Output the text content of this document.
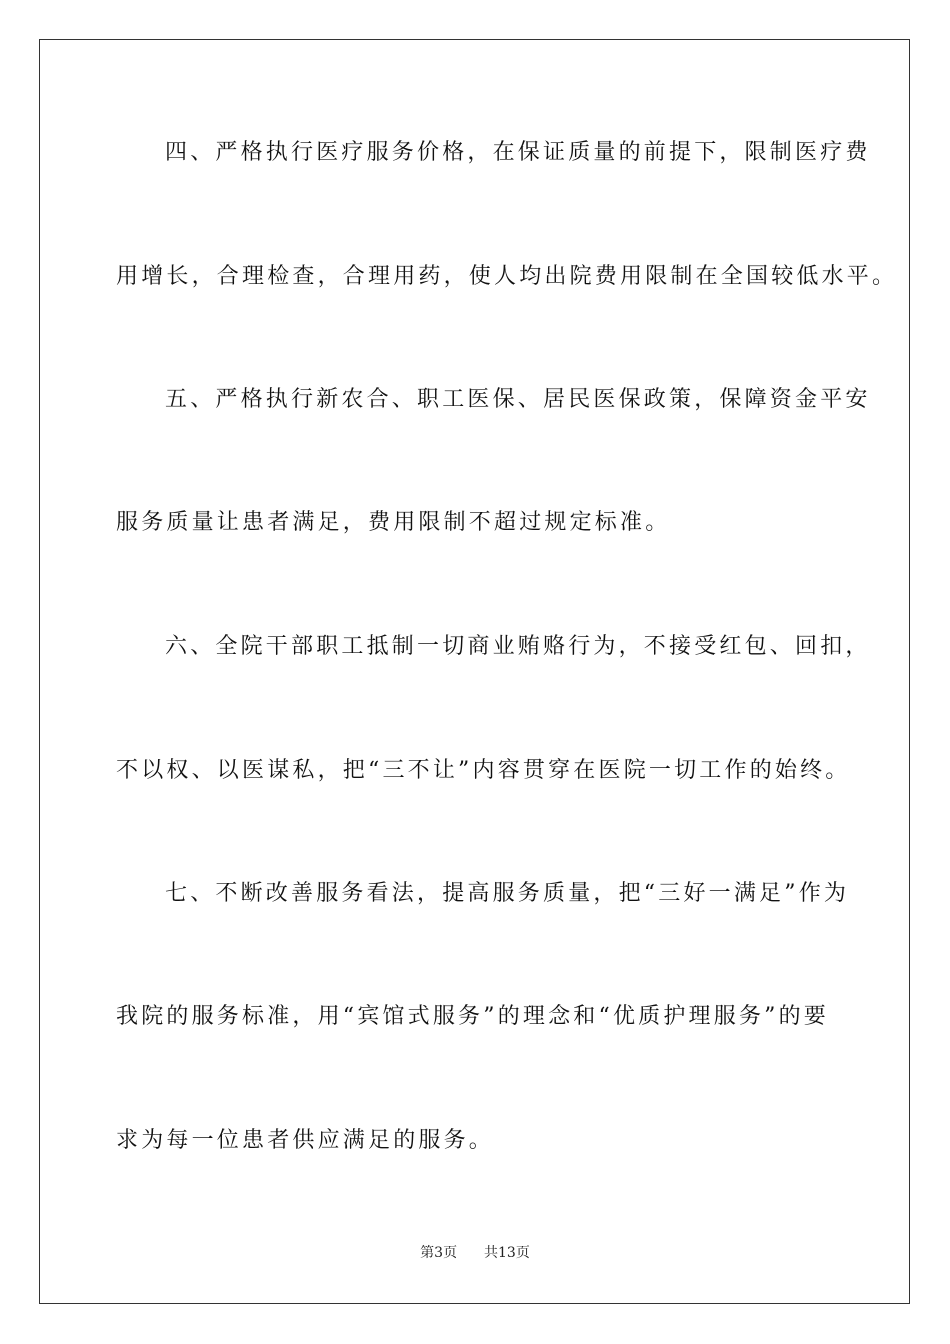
四、严格执行医疗服务价格，在保证质量的前提下，限制医疗费
用增长，合理检查，合理用药，使人均出院费用限制在全国较低水平。
五、严格执行新农合、职工医保、居民医保政策，保障资金平安
服务质量让患者满足，费用限制不超过规定标准。
六、全院干部职工抵制一切商业贿赂行为，不接受红包、回扣，
不以权、以医谋私，把“三不让”内容贯穿在医院一切工作的始终。
七、不断改善服务看法，提高服务质量，把“三好一满足”作为
我院的服务标准，用“宾馆式服务”的理念和“优质护理服务”的要
求为每一位患者供应满足的服务。
第3页 共13页
